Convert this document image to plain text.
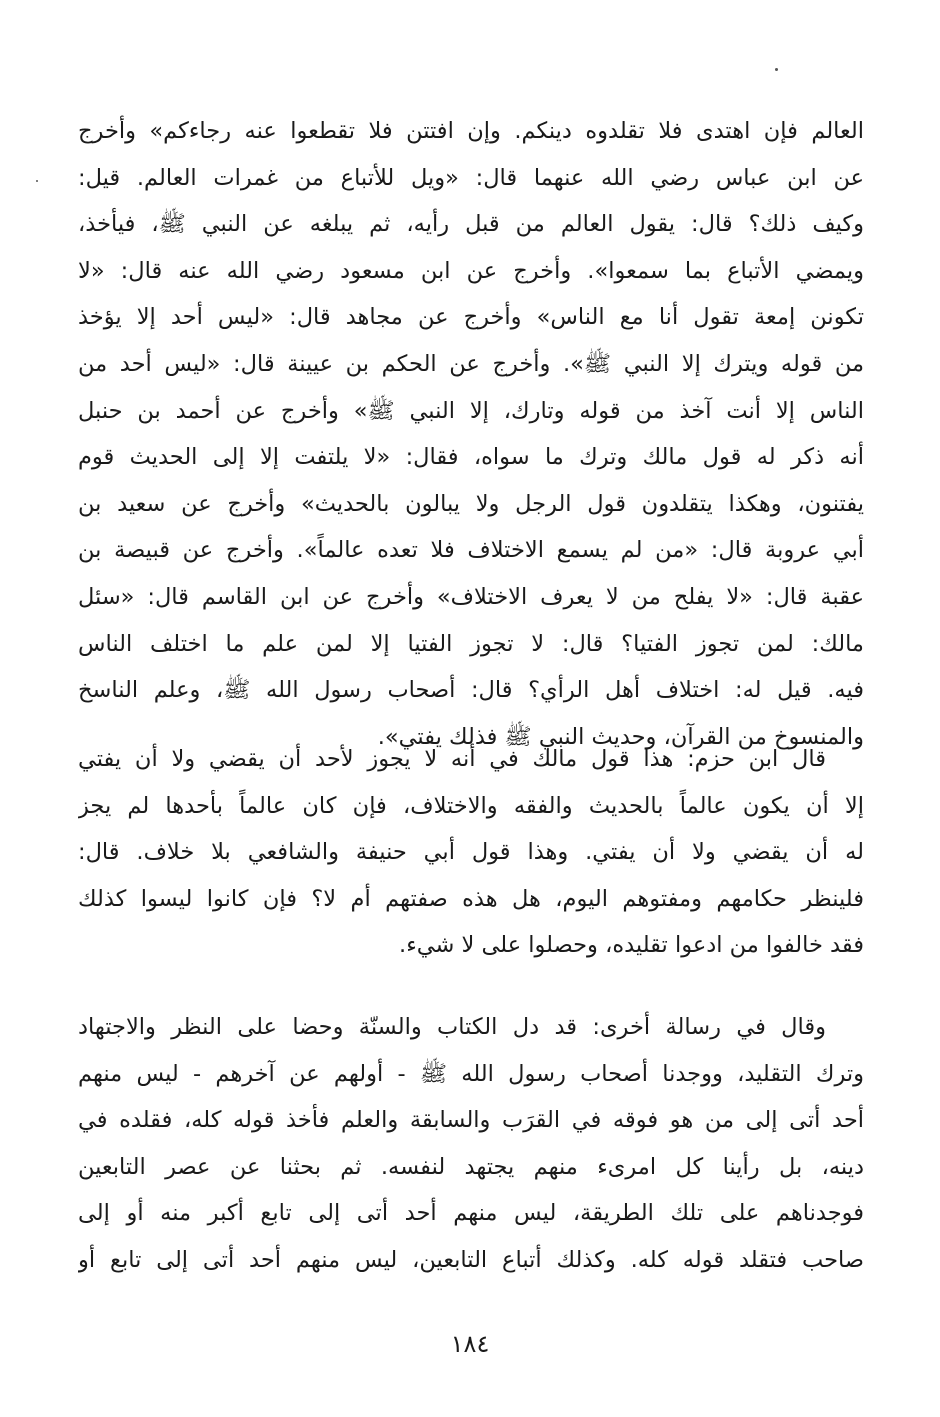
العالم فإن اهتدى فلا تقلدوه دينكم. وإن افتتن فلا تقطعوا عنه رجاءكم» وأخرج
عن ابن عباس رضي الله عنهما قال: «ويل للأتباع من غمرات العالم. قيل:
وكيف ذلك؟ قال: يقول العالم من قبل رأيه، ثم يبلغه عن النبي ﷺ، فيأخذ،
ويمضي الأتباع بما سمعوا». وأخرج عن ابن مسعود رضي الله عنه قال: «لا
تكونن إمعة تقول أنا مع الناس» وأخرج عن مجاهد قال: «ليس أحد إلا يؤخذ
من قوله ويترك إلا النبي ﷺ». وأخرج عن الحكم بن عيينة قال: «ليس أحد من
الناس إلا أنت آخذ من قوله وتارك، إلا النبي ﷺ» وأخرج عن أحمد بن حنبل
أنه ذكر له قول مالك وترك ما سواه، فقال: «لا يلتفت إلا إلى الحديث قوم
يفتنون، وهكذا يتقلدون قول الرجل ولا يبالون بالحديث» وأخرج عن سعيد بن
أبي عروبة قال: «من لم يسمع الاختلاف فلا تعده عالماً». وأخرج عن قبيصة بن
عقبة قال: «لا يفلح من لا يعرف الاختلاف» وأخرج عن ابن القاسم قال: «سئل
مالك: لمن تجوز الفتيا؟ قال: لا تجوز الفتيا إلا لمن علم ما اختلف الناس
فيه. قيل له: اختلاف أهل الرأي؟ قال: أصحاب رسول الله ﷺ، وعلم الناسخ
والمنسوخ من القرآن، وحديث النبي ﷺ فذلك يفتي».
قال ابن حزم: هذا قول مالك في أنه لا يجوز لأحد أن يقضي ولا أن يفتي
إلا أن يكون عالماً بالحديث والفقه والاختلاف، فإن كان عالماً بأحدها لم يجز
له أن يقضي ولا أن يفتي. وهذا قول أبي حنيفة والشافعي بلا خلاف. قال:
فلينظر حكامهم ومفتوهم اليوم، هل هذه صفتهم أم لا؟ فإن كانوا ليسوا كذلك
فقد خالفوا من ادعوا تقليده، وحصلوا على لا شيء.
وقال في رسالة أخرى: قد دل الكتاب والسنّة وحضا على النظر والاجتهاد
وترك التقليد، ووجدنا أصحاب رسول الله ﷺ - أولهم عن آخرهم - ليس منهم
أحد أتى إلى من هو فوقه في القرَب والسابقة والعلم فأخذ قوله كله، فقلده في
دينه، بل رأينا كل امرىء منهم يجتهد لنفسه. ثم بحثنا عن عصر التابعين
فوجدناهم على تلك الطريقة، ليس منهم أحد أتى إلى تابع أكبر منه أو إلى
صاحب فتقلد قوله كله. وكذلك أتباع التابعين، ليس منهم أحد أتى إلى تابع أو
١٨٤
